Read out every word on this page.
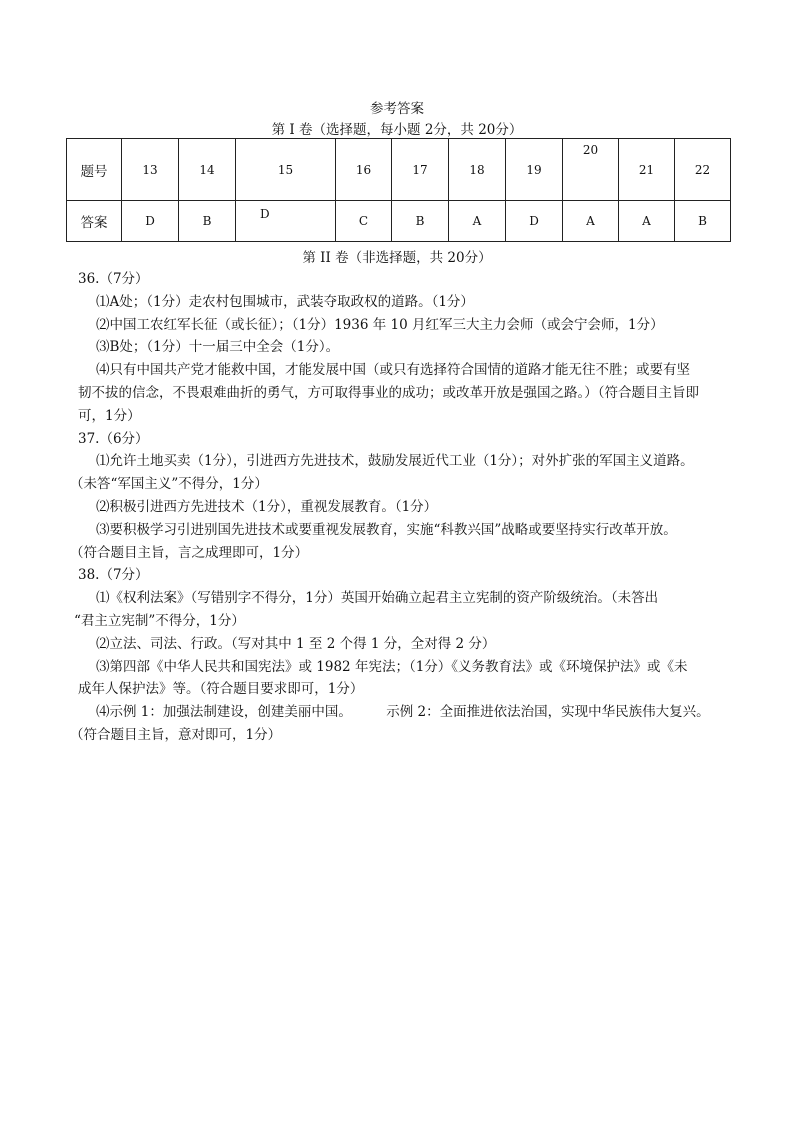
参考答案
第 I 卷（选择题，每小题 2分，共 20分）
题号	13	14	15	16	17	18	19	20	21	22
答案	D	B	D	C	B	A	D	A	A	B
第 II 卷（非选择题，共 20分）

36.（7分）

⑴A处；（1分）走农村包围城市，武装夺取政权的道路。（1分）

⑵中国工农红军长征（或长征）；（1分）1936 年 10 月红军三大主力会师（或会宁会师，1分）

⑶B处；（1分）十一届三中全会（1分）。

⑷只有中国共产党才能救中国，才能发展中国（或只有选择符合国情的道路才能无往不胜；或要有坚

韧不拔的信念，不畏艰难曲折的勇气，方可取得事业的成功；或改革开放是强国之路。）（符合题目主旨即

可，1分）

37.（6分）

⑴允许土地买卖（1分），引进西方先进技术，鼓励发展近代工业（1分）；对外扩张的军国主义道路。

（未答“军国主义”不得分，1分）

⑵积极引进西方先进技术（1分），重视发展教育。（1分）

⑶要积极学习引进别国先进技术或要重视发展教育，实施“科教兴国”战略或要坚持实行改革开放。

（符合题目主旨，言之成理即可，1分）

38.（7分）

⑴《权利法案》（写错别字不得分，1分）英国开始确立起君主立宪制的资产阶级统治。（未答出

“君主立宪制”不得分，1分）

⑵立法、司法、行政。（写对其中 1 至 2 个得 1 分，全对得 2 分）

⑶第四部《中华人民共和国宪法》或 1982 年宪法；（1分）《义务教育法》或《环境保护法》或《未

成年人保护法》等。（符合题目要求即可，1分）

⑷示例 1：加强法制建设，创建美丽中国。        示例 2：全面推进依法治国，实现中华民族伟大复兴。

（符合题目主旨，意对即可，1分）
